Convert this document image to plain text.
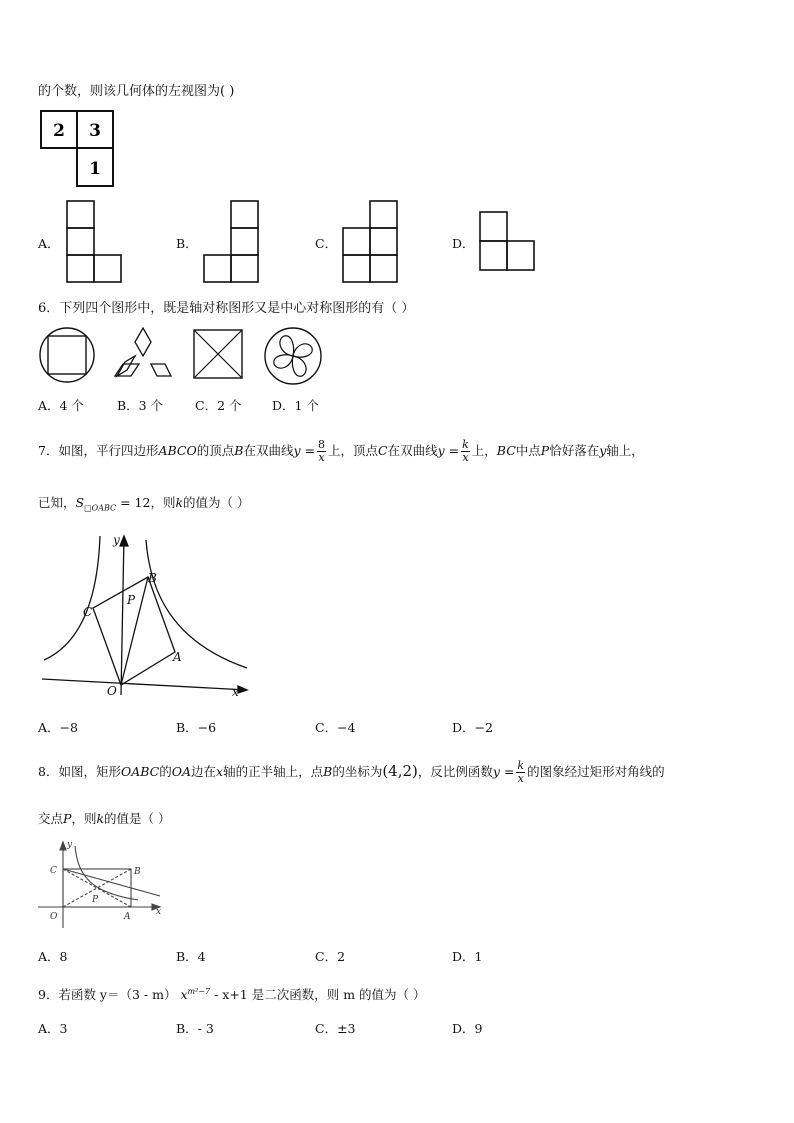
的个数，则该几何体的左视图为( )
2 3
1
A．	B．	C．	D．
6．下列四个图形中，既是轴对称图形又是中心对称图形的有（ ）
A．4 个	B．3 个	C．2 个 D．1 个
7．如图，平行四边形ABCO的顶点B在双曲线$y = \frac{8}{x}$ 上，顶点C在双曲线$y = \frac{k}{x}$ 上，BC中点P恰好落在y轴上，
已知，$S_{□OABC} = 12$，则k的值为（ ）
y
B
P
C
A
O	x
A．−8	B．−6	C．−4	D．−2
8．如图，矩形OABC的OA边在x轴的正半轴上，点B的坐标为(4,2)，反比例函数$y = \frac{k}{x}$ 的图象经过矩形对角线的
交点P，则k的值是（ ）
y
C	B
P
O	A	x
A．8	B．4	C．2	D．1
9．若函数 y＝（3 - m） $x^{m^2-7} - x+1$ 是二次函数，则 m 的值为（ ）
A．3	B．- 3	C．±3	D．9
